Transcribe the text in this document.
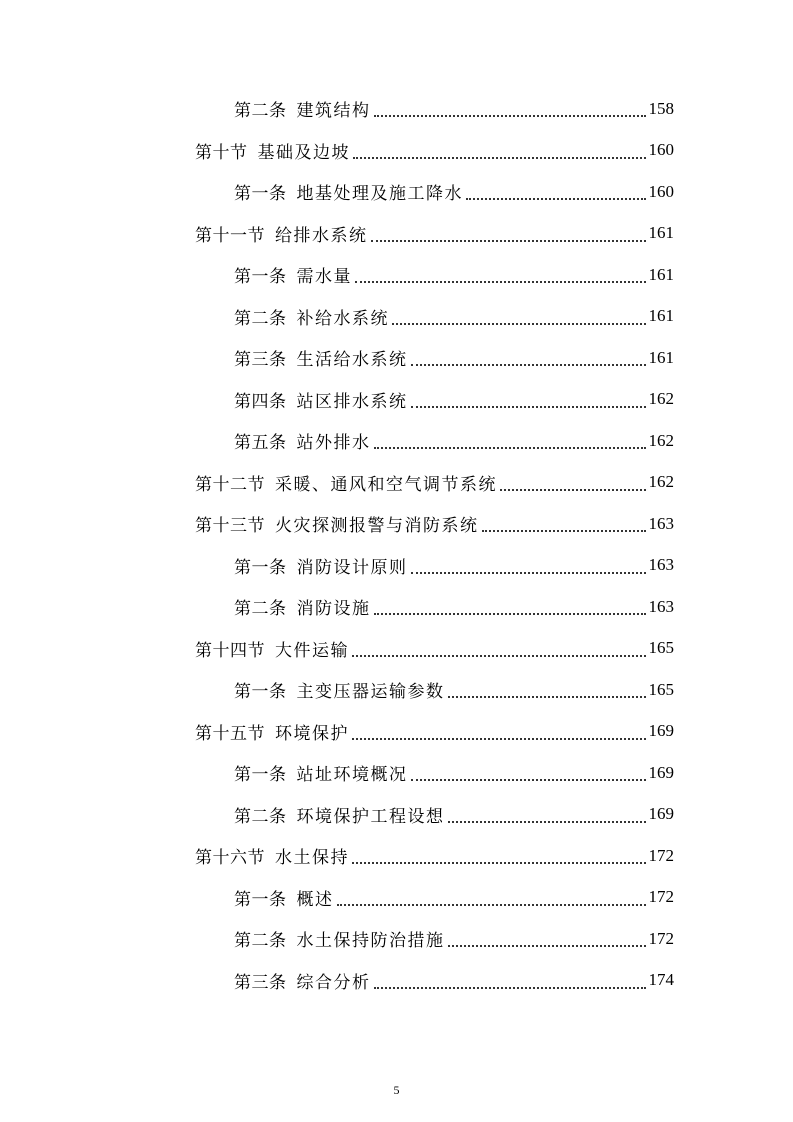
第二条 建筑结构	158
第十节 基础及边坡	160
第一条 地基处理及施工降水	160
第十一节 给排水系统	161
第一条 需水量	161
第二条 补给水系统	161
第三条 生活给水系统	161
第四条 站区排水系统	162
第五条 站外排水	162
第十二节 采暖、通风和空气调节系统	162
第十三节 火灾探测报警与消防系统	163
第一条 消防设计原则	163
第二条 消防设施	163
第十四节 大件运输	165
第一条 主变压器运输参数	165
第十五节 环境保护	169
第一条 站址环境概况	169
第二条 环境保护工程设想	169
第十六节 水土保持	172
第一条 概述	172
第二条 水土保持防治措施	172
第三条 综合分析	174
5
